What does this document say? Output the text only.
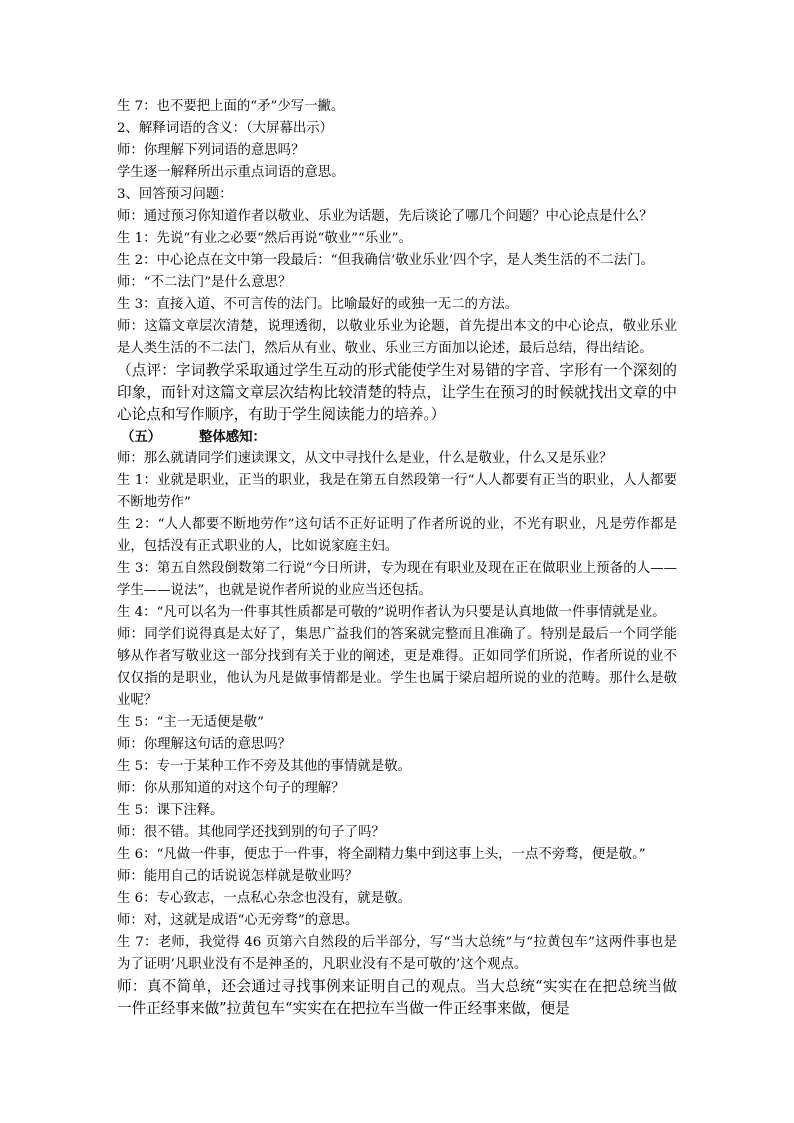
生 7：也不要把上面的“矛”少写一撇。

2、解释词语的含义：（大屏幕出示）

师：你理解下列词语的意思吗？

学生逐一解释所出示重点词语的意思。

3、回答预习问题：

师：通过预习你知道作者以敬业、乐业为话题，先后谈论了哪几个问题？中心论点是什么？

生 1：先说“有业之必要“然后再说“敬业”“乐业”。

生 2：中心论点在文中第一段最后：“但我确信‘敬业乐业’四个字，是人类生活的不二法门。

师：“不二法门”是什么意思？

生 3：直接入道、不可言传的法门。比喻最好的或独一无二的方法。

师：这篇文章层次清楚，说理透彻，以敬业乐业为论题，首先提出本文的中心论点，敬业乐业是人类生活的不二法门，然后从有业、敬业、乐业三方面加以论述，最后总结，得出结论。

（点评：字词教学采取通过学生互动的形式能使学生对易错的字音、字形有一个深刻的印象，而针对这篇文章层次结构比较清楚的特点，让学生在预习的时候就找出文章的中心论点和写作顺序，有助于学生阅读能力的培养。）

（五）	整体感知：

师：那么就请同学们速读课文，从文中寻找什么是业，什么是敬业，什么又是乐业？

生 1：业就是职业，正当的职业，我是在第五自然段第一行“人人都要有正当的职业，人人都要不断地劳作”

生 2：“人人都要不断地劳作”这句话不正好证明了作者所说的业，不光有职业，凡是劳作都是业，包括没有正式职业的人，比如说家庭主妇。

生 3：第五自然段倒数第二行说“今日所讲，专为现在有职业及现在正在做职业上预备的人——学生——说法”，也就是说作者所说的业应当还包括。

生 4：“凡可以名为一件事其性质都是可敬的”说明作者认为只要是认真地做一件事情就是业。

师：同学们说得真是太好了，集思广益我们的答案就完整而且准确了。特别是最后一个同学能够从作者写敬业这一部分找到有关于业的阐述，更是难得。正如同学们所说，作者所说的业不仅仅指的是职业，他认为凡是做事情都是业。学生也属于梁启超所说的业的范畴。那什么是敬业呢？

生 5：“主一无适便是敬”

师：你理解这句话的意思吗？

生 5：专一于某种工作不旁及其他的事情就是敬。

师：你从那知道的对这个句子的理解？

生 5：课下注释。

师：很不错。其他同学还找到别的句子了吗？

生 6：“凡做一件事，便忠于一件事，将全副精力集中到这事上头，一点不旁骛，便是敬。”

师：能用自己的话说说怎样就是敬业吗？

生 6：专心致志，一点私心杂念也没有，就是敬。

师：对，这就是成语“心无旁骛”的意思。

生 7：老师，我觉得 46 页第六自然段的后半部分，写“当大总统”与“拉黄包车”这两件事也是为了证明’凡职业没有不是神圣的，凡职业没有不是可敬的’这个观点。

师：真不简单，还会通过寻找事例来证明自己的观点。当大总统“实实在在把总统当做一件正经事来做”拉黄包车“实实在在把拉车当做一件正经事来做，便是
